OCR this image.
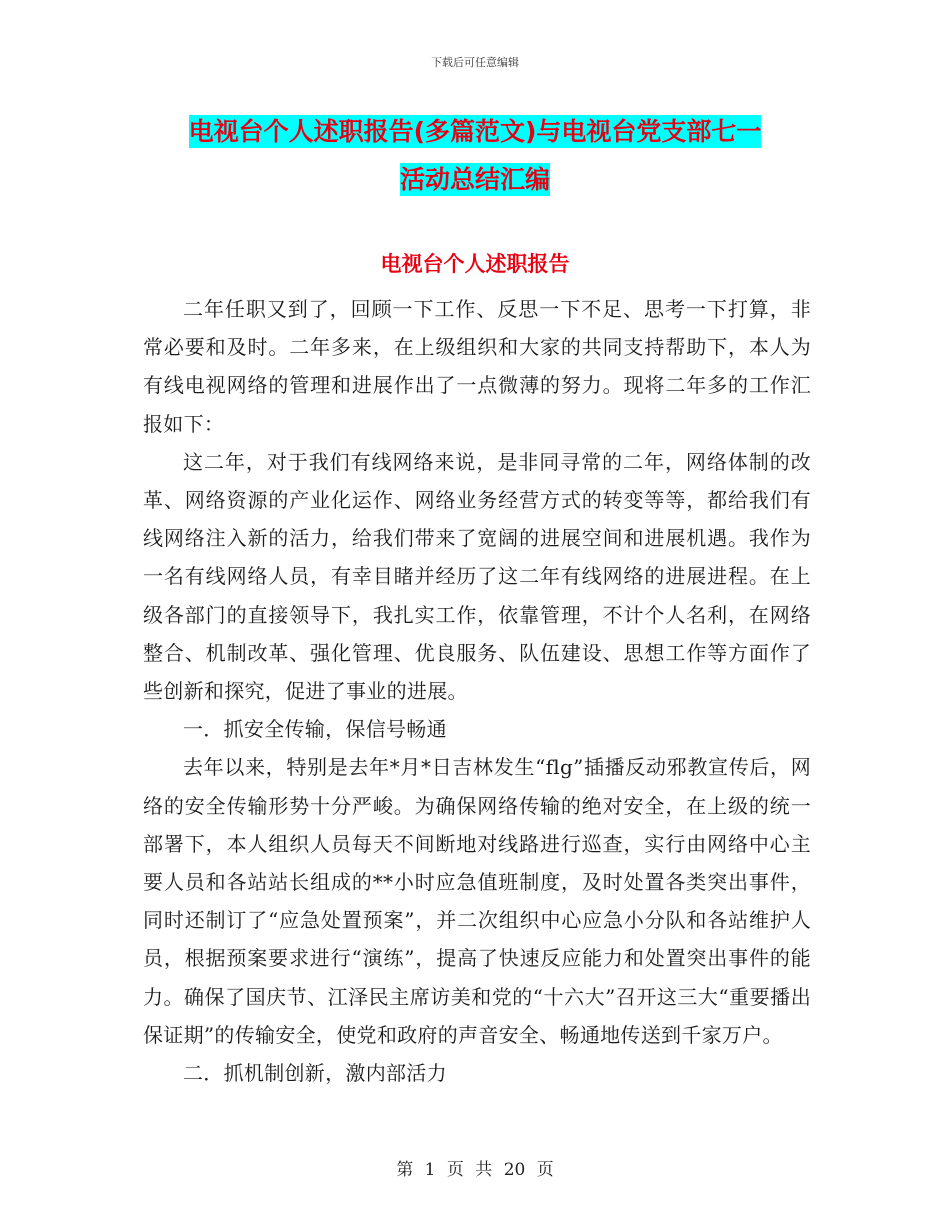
下载后可任意编辑
电视台个人述职报告(多篇范文)与电视台党支部七一
活动总结汇编
电视台个人述职报告

二年任职又到了，回顾一下工作、反思一下不足、思考一下打算，非常必要和及时。二年多来，在上级组织和大家的共同支持帮助下，本人为有线电视网络的管理和进展作出了一点微薄的努力。现将二年多的工作汇报如下：

这二年，对于我们有线网络来说，是非同寻常的二年，网络体制的改革、网络资源的产业化运作、网络业务经营方式的转变等等，都给我们有线网络注入新的活力，给我们带来了宽阔的进展空间和进展机遇。我作为一名有线网络人员，有幸目睹并经历了这二年有线网络的进展进程。在上级各部门的直接领导下，我扎实工作，依靠管理，不计个人名利，在网络整合、机制改革、强化管理、优良服务、队伍建设、思想工作等方面作了些创新和探究，促进了事业的进展。

一．抓安全传输，保信号畅通

去年以来，特别是去年*月*日吉林发生“flg”插播反动邪教宣传后，网络的安全传输形势十分严峻。为确保网络传输的绝对安全，在上级的统一部署下，本人组织人员每天不间断地对线路进行巡查，实行由网络中心主要人员和各站站长组成的**小时应急值班制度，及时处置各类突出事件，同时还制订了“应急处置预案”，并二次组织中心应急小分队和各站维护人员，根据预案要求进行“演练”，提高了快速反应能力和处置突出事件的能力。确保了国庆节、江泽民主席访美和党的“十六大”召开这三大“重要播出保证期”的传输安全，使党和政府的声音安全、畅通地传送到千家万户。

二．抓机制创新，激内部活力

第 1 页 共 20 页
